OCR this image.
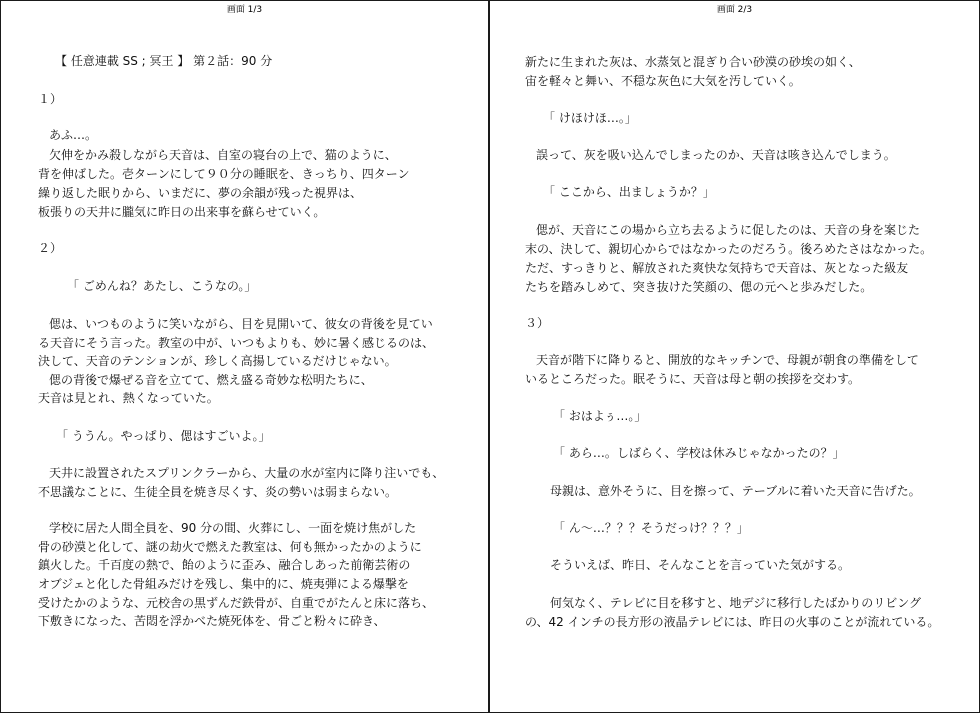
画面 1/3
【 任意連載 SS ; 冥王 】 第２話：90 分
１）
あふ…。
欠伸をかみ殺しながら天音は、自室の寝台の上で、猫のように、
背を伸ばした。壱ターンにして９０分の睡眠を、きっちり、四ターン
繰り返した眠りから、いまだに、夢の余韻が残った視界は、
板張りの天井に朧気に昨日の出来事を蘇らせていく。
２）
「 ごめんね？あたし、こうなの。」
偲は、いつものように笑いながら、目を見開いて、彼女の背後を見てい
る天音にそう言った。教室の中が、いつもよりも、妙に暑く感じるのは、
決して、天音のテンションが、珍しく高揚しているだけじゃない。
偲の背後で爆ぜる音を立てて、燃え盛る奇妙な松明たちに、
天音は見とれ、熱くなっていた。
「 ううん。やっぱり、偲はすごいよ。」
天井に設置されたスプリンクラーから、大量の水が室内に降り注いでも、
不思議なことに、生徒全員を焼き尽くす、炎の勢いは弱まらない。
学校に居た人間全員を、90 分の間、火葬にし、一面を焼け焦がした
骨の砂漠と化して、謎の劫火で燃えた教室は、何も無かったかのように
鎮火した。千百度の熱で、飴のように歪み、融合しあった前衛芸術の
オブジェと化した骨組みだけを残し、集中的に、焼夷弾による爆撃を
受けたかのような、元校舎の黒ずんだ鉄骨が、自重でがたんと床に落ち、
下敷きになった、苦悶を浮かべた焼死体を、骨ごと粉々に砕き、
画面 2/3
新たに生まれた灰は、水蒸気と混ぎり合い砂漠の砂埃の如く、
宙を軽々と舞い、不穏な灰色に大気を汚していく。
「 けほけほ…。」
誤って、灰を吸い込んでしまったのか、天音は咳き込んでしまう。
「 ここから、出ましょうか？」
偲が、天音にこの場から立ち去るように促したのは、天音の身を案じた
末の、決して、親切心からではなかったのだろう。後ろめたさはなかった。
ただ、すっきりと、解放された爽快な気持ちで天音は、灰となった級友
たちを踏みしめて、突き抜けた笑顔の、偲の元へと歩みだした。
３）
天音が階下に降りると、開放的なキッチンで、母親が朝食の準備をして
いるところだった。眠そうに、天音は母と朝の挨拶を交わす。
「 おはよぅ…。」
「 あら…。しばらく、学校は休みじゃなかったの？」
母親は、意外そうに、目を擦って、テーブルに着いた天音に告げた。
「 ん～…？？？そうだっけ？？？」
そういえば、昨日、そんなことを言っていた気がする。
何気なく、テレビに目を移すと、地デジに移行したばかりのリビング
の、42 インチの長方形の液晶テレビには、昨日の火事のことが流れている。
